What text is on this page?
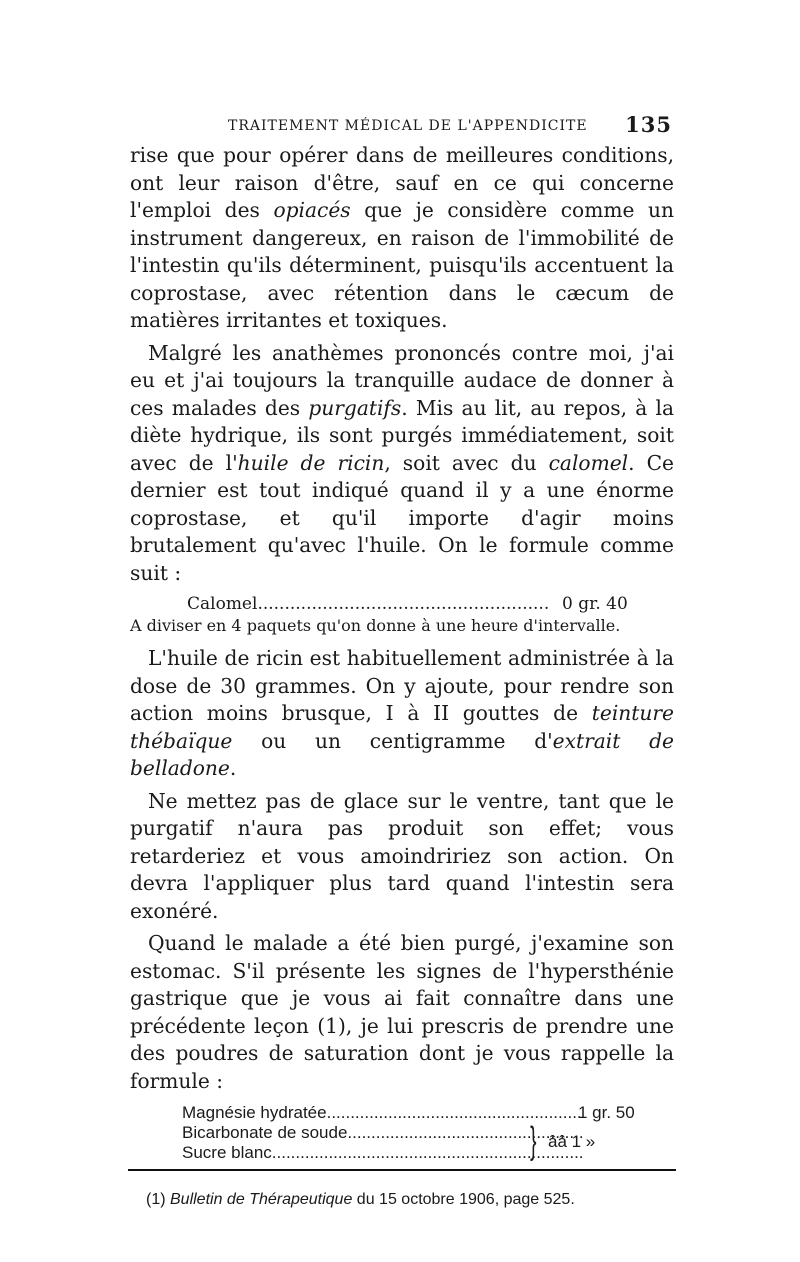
TRAITEMENT MÉDICAL DE L'APPENDICITE 135

rise que pour opérer dans de meilleures conditions, ont leur raison d'être, sauf en ce qui concerne l'emploi des opiacés que je considère comme un instrument dangereux, en raison de l'immobilité de l'intestin qu'ils déterminent, puisqu'ils accentuent la coprostase, avec rétention dans le cæcum de matières irritantes et toxiques.

Malgré les anathèmes prononcés contre moi, j'ai eu et j'ai toujours la tranquille audace de donner à ces malades des purgatifs. Mis au lit, au repos, à la diète hydrique, ils sont purgés immédiatement, soit avec de l'huile de ricin, soit avec du calomel. Ce dernier est tout indiqué quand il y a une énorme coprostase, et qu'il importe d'agir moins brutalement qu'avec l'huile. On le formule comme suit :

Calomel
.....	0 gr. 40
A diviser en 4 paquets qu'on donne à une heure d'intervalle.

L'huile de ricin est habituellement administrée à la dose de 30 grammes. On y ajoute, pour rendre son action moins brusque, I à II gouttes de teinture thébaïque ou un centigramme d'extrait de belladone.

Ne mettez pas de glace sur le ventre, tant que le purgatif n'aura pas produit son effet; vous retarderiez et vous amoindririez son action. On devra l'appliquer plus tard quand l'intestin sera exonéré.

Quand le malade a été bien purgé, j'examine son estomac. S'il présente les signes de l'hypersthénie gastrique que je vous ai fait connaître dans une précédente leçon (1), je lui prescris de prendre une des poudres de saturation dont je vous rappelle la formule :

Magnésie hydratée
.....
Bicarbonate de soude
.....
Sucre blanc
.....
1 gr. 50
} ââ 1 »
(1) Bulletin de Thérapeutique du 15 octobre 1906, page 525.
